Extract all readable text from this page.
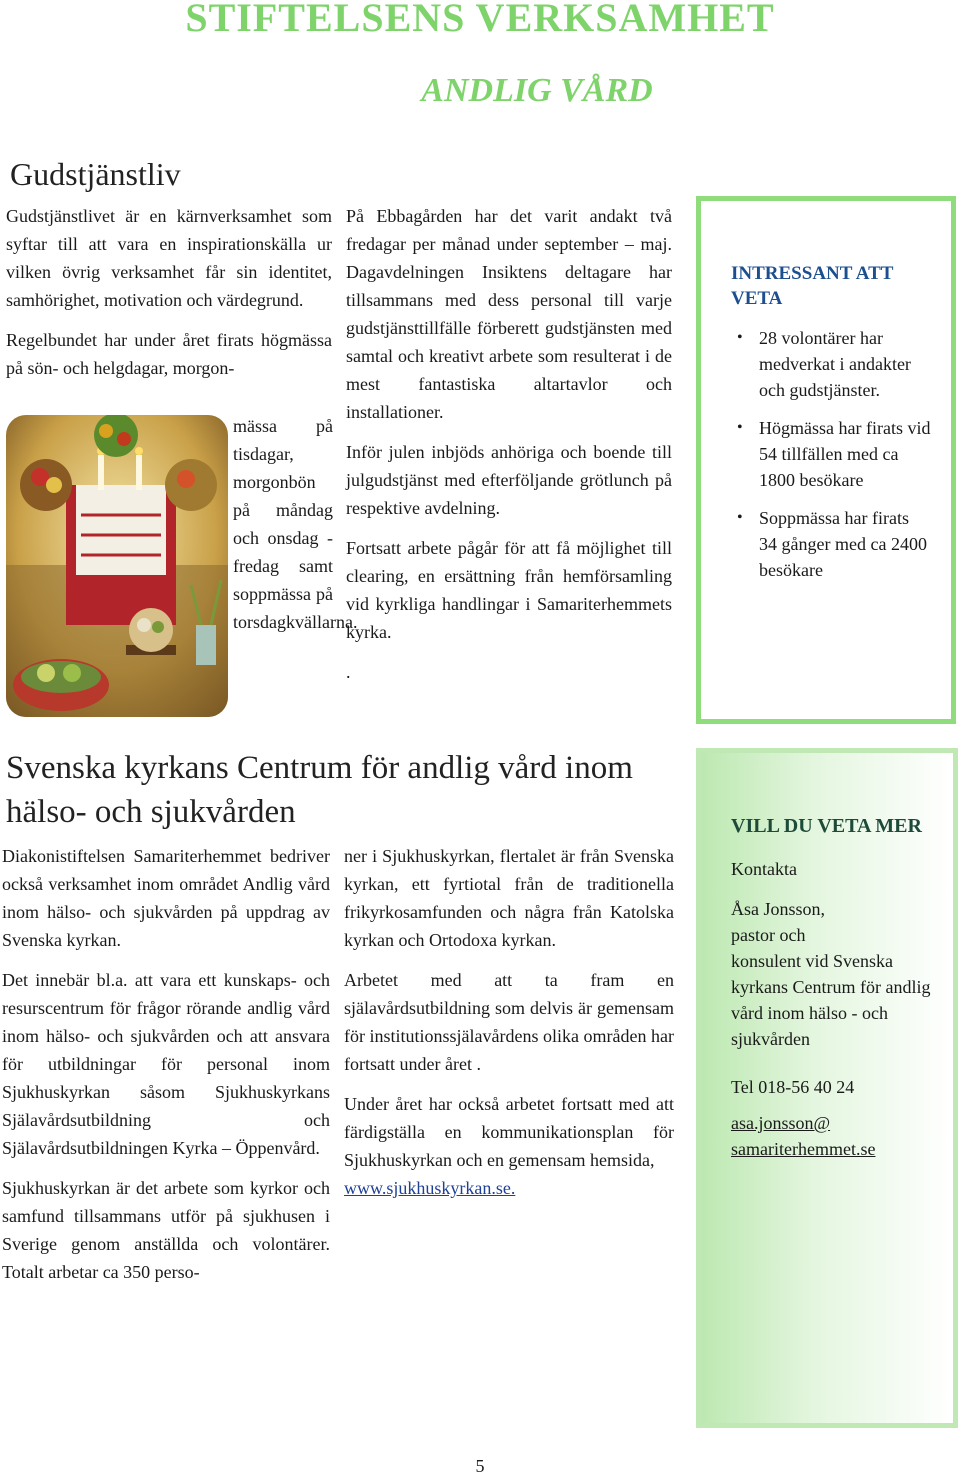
STIFTELSENS VERKSAMHET
ANDLIG VÅRD
Gudstjänstliv

Gudstjänstlivet är en kärnverksamhet som syftar till att vara en inspirationskälla ur vilken övrig verksamhet får sin identitet, samhörighet, motivation och värdegrund.

Regelbundet har under året firats högmässa på sön- och helgdagar, morgon-

mässa på tisdagar, morgonbön på måndag och onsdag -fredag samt soppmässa på torsdagkvällarna.

På Ebbagården har det varit andakt två fredagar per månad under september – maj. Dagavdelningen Insiktens deltagare har tillsammans med dess personal till varje gudstjänsttillfälle förberett gudstjänsten med samtal och kreativt arbete som resulterat i de mest fantastiska altartavlor och installationer.

Inför julen inbjöds anhöriga och boende till julgudstjänst med efterföljande grötlunch på respektive avdelning.

Fortsatt arbete pågår för att få möjlighet till clearing, en ersättning från hemförsamling vid kyrkliga handlingar i Samariterhemmets kyrka.

.

INTRESSANT ATT VETA
• 28 volontärer har medverkat i andakter och gudstjänster.
• Högmässa har firats vid 54 tillfällen med ca 1800 besökare
• Soppmässa har firats 34 gånger med ca 2400 besökare
Svenska kyrkans Centrum för andlig vård inom hälso- och sjukvården

Diakonistiftelsen Samariterhemmet bedriver också verksamhet inom området Andlig vård inom hälso- och sjukvården på uppdrag av Svenska kyrkan.

Det innebär bl.a. att vara ett kunskaps- och resurscentrum för frågor rörande andlig vård inom hälso- och sjukvården och att ansvara för utbildningar för personal inom Sjukhuskyrkan såsom Sjukhuskyrkans Själavårdsutbildning och Själavårdsutbildningen Kyrka – Öppenvård.

Sjukhuskyrkan är det arbete som kyrkor och samfund tillsammans utför på sjukhusen i Sverige genom anställda och volontärer. Totalt arbetar ca 350 perso-

ner i Sjukhuskyrkan, flertalet är från Svenska kyrkan, ett fyrtiotal från de traditionella frikyrkosamfunden och några från Katolska kyrkan och Ortodoxa kyrkan.

Arbetet med att ta fram en själavårdsutbildning som delvis är gemensam för institutionssjälavårdens olika områden har fortsatt under året .

Under året har också arbetet fortsatt med att färdigställa en kommunikationsplan för Sjukhuskyrkan och en gemensam hemsida,

www.sjukhuskyrkan.se.
VILL DU VETA MER
Kontakta
Åsa Jonsson,
pastor och
konsulent vid Svenska kyrkans Centrum för andlig vård inom hälso - och sjukvården
Tel 018-56 40 24
asa.jonsson@
samariterhemmet.se
5
